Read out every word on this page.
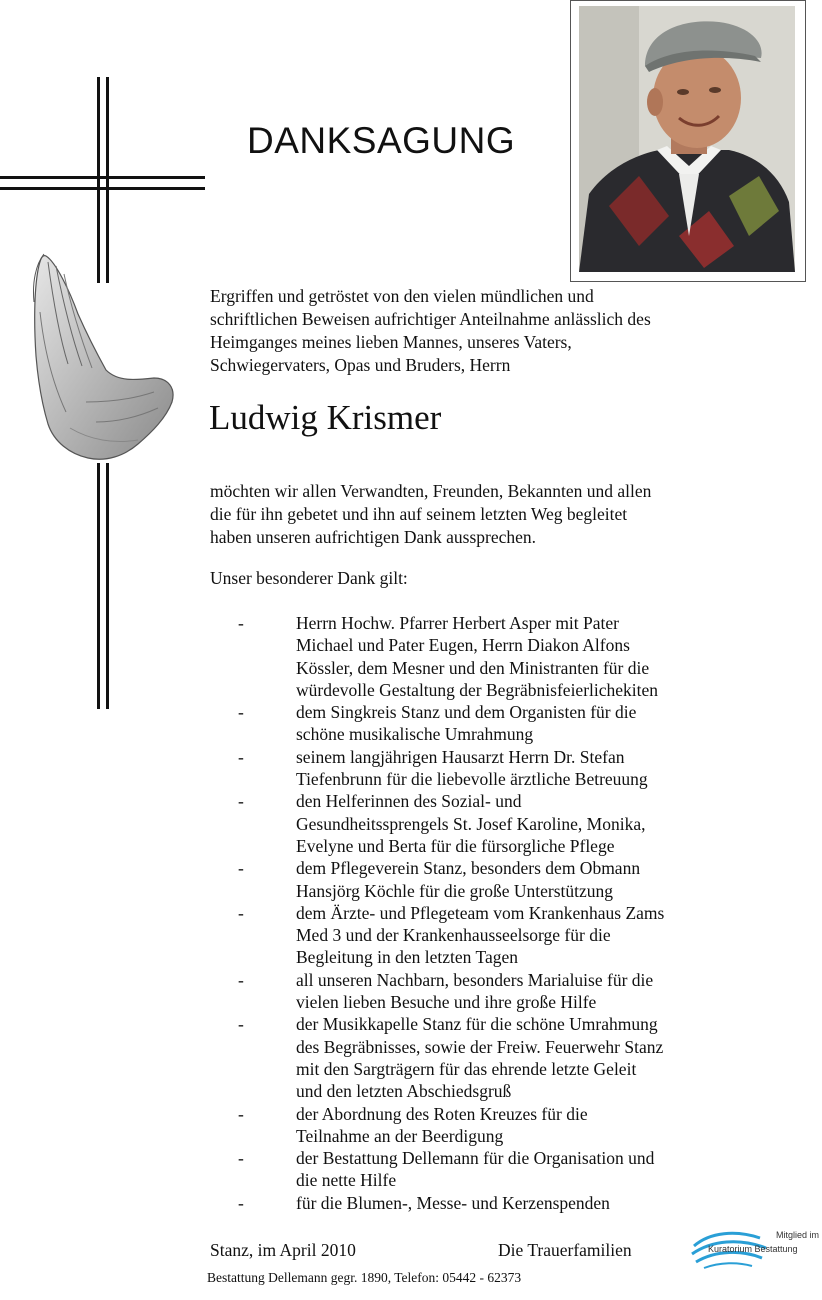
DANKSAGUNG
Ergriffen und getröstet von den vielen mündlichen und
schriftlichen Beweisen aufrichtiger Anteilnahme anlässlich des
Heimganges meines lieben Mannes, unseres Vaters,
Schwiegervaters, Opas und Bruders, Herrn
Ludwig Krismer
möchten wir allen Verwandten, Freunden, Bekannten und allen
die für ihn gebetet und ihn auf seinem letzten Weg begleitet
haben unseren aufrichtigen Dank aussprechen.
Unser besonderer Dank gilt:
-	Herrn Hochw. Pfarrer Herbert Asper mit Pater
Michael und Pater Eugen, Herrn Diakon Alfons
Kössler, dem Mesner und den Ministranten für die
würdevolle Gestaltung der Begräbnisfeierlichekiten
-	dem Singkreis Stanz und dem Organisten für die
schöne musikalische Umrahmung
-	seinem langjährigen Hausarzt Herrn Dr. Stefan
Tiefenbrunn für die liebevolle ärztliche Betreuung
-	den Helferinnen des Sozial- und
Gesundheitssprengels St. Josef Karoline, Monika,
Evelyne und Berta für die fürsorgliche Pflege
-	dem Pflegeverein Stanz, besonders dem Obmann
Hansjörg Köchle für die große Unterstützung
-	dem Ärzte- und Pflegeteam vom Krankenhaus Zams
Med 3 und der Krankenhausseelsorge für die
Begleitung in den letzten Tagen
-	all unseren Nachbarn, besonders Marialuise für die
vielen lieben Besuche und ihre große Hilfe
-	der Musikkapelle Stanz für die schöne Umrahmung
des Begräbnisses, sowie der Freiw. Feuerwehr Stanz
mit den Sargträgern für das ehrende letzte Geleit
und den letzten Abschiedsgruß
-	der Abordnung des Roten Kreuzes für die
Teilnahme an der Beerdigung
-	der Bestattung Dellemann für die Organisation und
die nette Hilfe
-	für die Blumen-, Messe- und Kerzenspenden
Stanz, im April 2010	Die Trauerfamilien
Bestattung Dellemann gegr. 1890, Telefon: 05442 - 62373
Mitglied im
Kuratorium Bestattung
